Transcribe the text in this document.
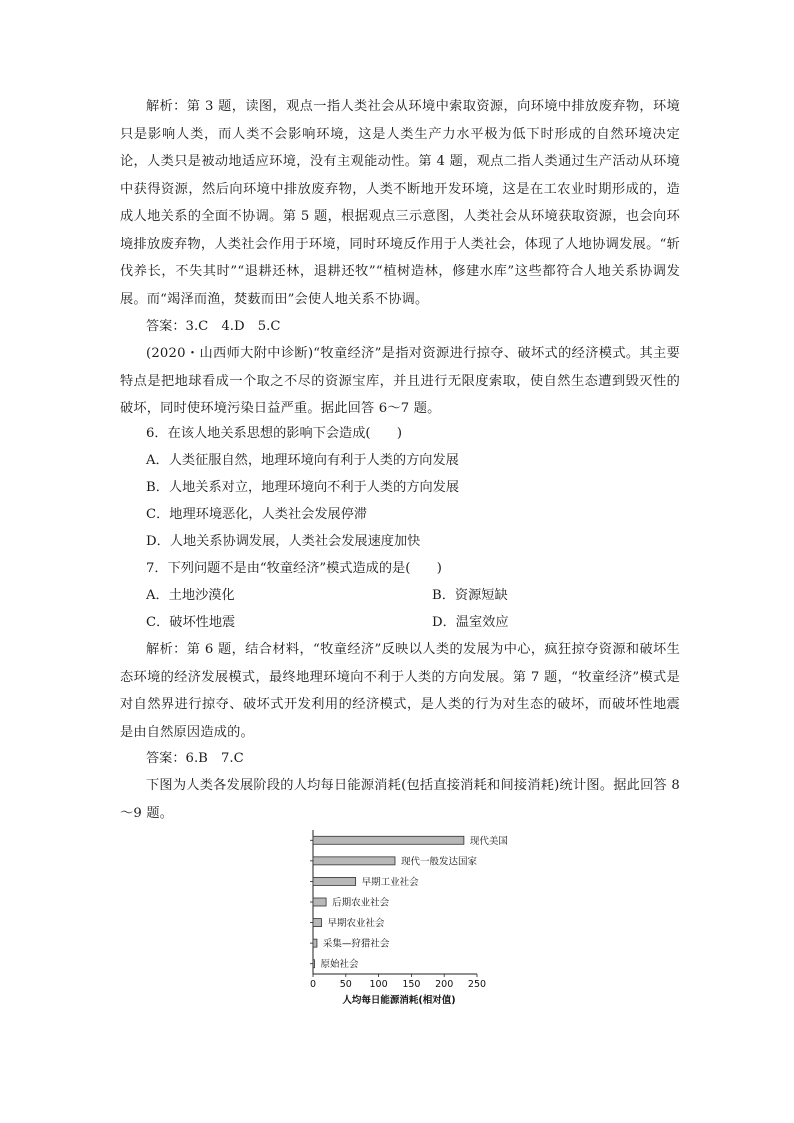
解析：第 3 题，读图，观点一指人类社会从环境中索取资源，向环境中排放废弃物，环境只是影响人类，而人类不会影响环境，这是人类生产力水平极为低下时形成的自然环境决定论，人类只是被动地适应环境，没有主观能动性。第 4 题，观点二指人类通过生产活动从环境中获得资源，然后向环境中排放废弃物，人类不断地开发环境，这是在工农业时期形成的，造成人地关系的全面不协调。第 5 题，根据观点三示意图，人类社会从环境获取资源，也会向环境排放废弃物，人类社会作用于环境，同时环境反作用于人类社会，体现了人地协调发展。“斩伐养长，不失其时”“退耕还林，退耕还牧”“植树造林，修建水库”这些都符合人地关系协调发展。而“竭泽而渔，焚薮而田”会使人地关系不协调。

答案：3.C　4.D　5.C

(2020・山西师大附中诊断)“牧童经济”是指对资源进行掠夺、破坏式的经济模式。其主要特点是把地球看成一个取之不尽的资源宝库，并且进行无限度索取，使自然生态遭到毁灭性的破坏，同时使环境污染日益严重。据此回答 6～7 题。

6．在该人地关系思想的影响下会造成(　　)

A．人类征服自然，地理环境向有利于人类的方向发展

B．人地关系对立，地理环境向不利于人类的方向发展

C．地理环境恶化，人类社会发展停滞

D．人地关系协调发展，人类社会发展速度加快

7．下列问题不是由“牧童经济”模式造成的是(　　)

A．土地沙漠化	B．资源短缺

C．破坏性地震	D．温室效应

解析：第 6 题，结合材料，“牧童经济”反映以人类的发展为中心，疯狂掠夺资源和破坏生态环境的经济发展模式，最终地理环境向不利于人类的方向发展。第 7 题，“牧童经济”模式是对自然界进行掠夺、破坏式开发利用的经济模式，是人类的行为对生态的破坏，而破坏性地震是由自然原因造成的。

答案：6.B　7.C

下图为人类各发展阶段的人均每日能源消耗(包括直接消耗和间接消耗)统计图。据此回答 8～9 题。

现代美国
现代一般发达国家
早期工业社会
后期农业社会
早期农业社会
采集—狩猎社会
原始社会
0 50 100 150 200 250
人均每日能源消耗(相对值)
